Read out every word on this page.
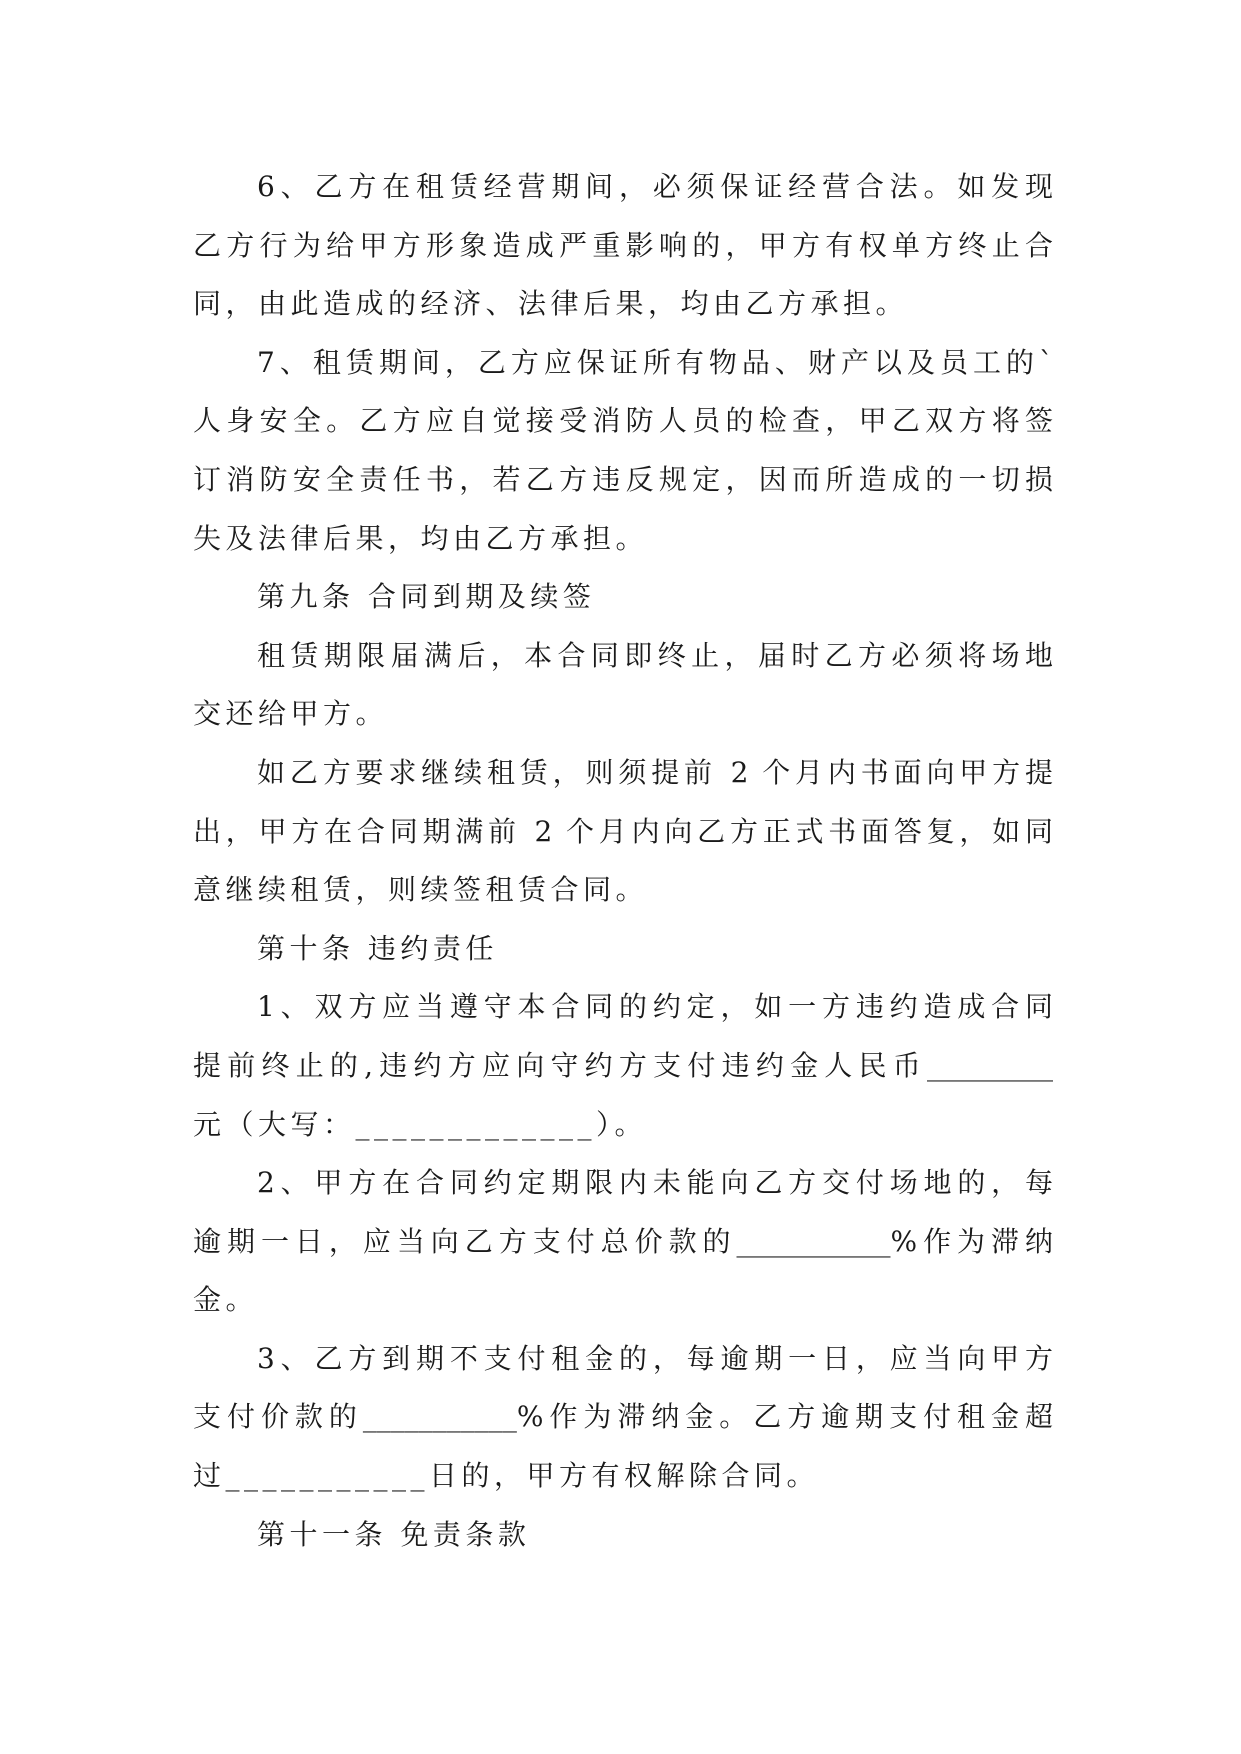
6、乙方在租赁经营期间，必须保证经营合法。如发现
乙方行为给甲方形象造成严重影响的，甲方有权单方终止合
同，由此造成的经济、法律后果，均由乙方承担。
7、租赁期间，乙方应保证所有物品、财产以及员工的`
人身安全。乙方应自觉接受消防人员的检查，甲乙双方将签
订消防安全责任书，若乙方违反规定，因而所造成的一切损
失及法律后果，均由乙方承担。
第九条 合同到期及续签
租赁期限届满后，本合同即终止，届时乙方必须将场地
交还给甲方。
如乙方要求继续租赁，则须提前 2 个月内书面向甲方提
出，甲方在合同期满前 2 个月内向乙方正式书面答复，如同
意继续租赁，则续签租赁合同。
第十条 违约责任
1、双方应当遵守本合同的约定，如一方违约造成合同
提前终止的,违约方应向守约方支付违约金人民币_________
元（大写：_____________）。
2、甲方在合同约定期限内未能向乙方交付场地的，每
逾期一日，应当向乙方支付总价款的___________%作为滞纳
金。
3、乙方到期不支付租金的，每逾期一日，应当向甲方
支付价款的___________%作为滞纳金。乙方逾期支付租金超
过___________日的，甲方有权解除合同。
第十一条 免责条款
